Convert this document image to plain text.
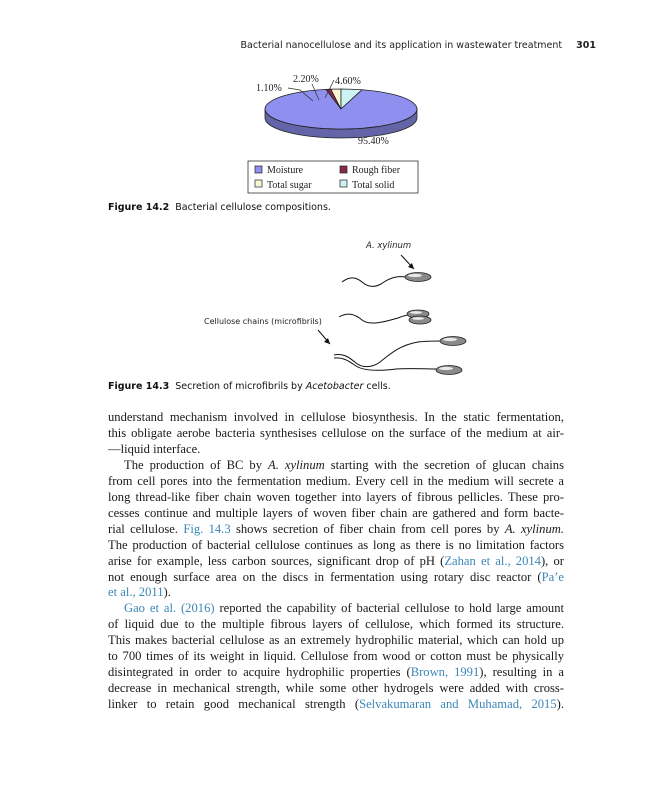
Bacterial nanocellulose and its application in wastewater treatment 301
1.10%
2.20% 4.60%
95.40%
Moisture	Rough fiber
Total sugar	Total solid
A. xylinum
Cellulose chains (microfibrils)
Figure 14.2 Bacterial cellulose compositions.
Figure 14.3 Secretion of microfibrils by Acetobacter cells.

understand mechanism involved in cellulose biosynthesis. In the static fermentation,
this obligate aerobe bacteria synthesises cellulose on the surface of the medium at air-
—liquid interface.

The production of BC by A. xylinum starting with the secretion of glucan chains
from cell pores into the fermentation medium. Every cell in the medium will secrete a
long thread-like fiber chain woven together into layers of fibrous pellicles. These pro-
cesses continue and multiple layers of woven fiber chain are gathered and form bacte-
rial cellulose. Fig. 14.3 shows secretion of fiber chain from cell pores by A. xylinum.
The production of bacterial cellulose continues as long as there is no limitation factors
arise for example, less carbon sources, significant drop of pH (Zahan et al., 2014), or
not enough surface area on the discs in fermentation using rotary disc reactor (Pa’e
et al., 2011).

Gao et al. (2016) reported the capability of bacterial cellulose to hold large amount
of liquid due to the multiple fibrous layers of cellulose, which formed its structure.
This makes bacterial cellulose as an extremely hydrophilic material, which can hold up
to 700 times of its weight in liquid. Cellulose from wood or cotton must be physically
disintegrated in order to acquire hydrophilic properties (Brown, 1991), resulting in a
decrease in mechanical strength, while some other hydrogels were added with cross-
linker to retain good mechanical strength (Selvakumaran and Muhamad, 2015).
